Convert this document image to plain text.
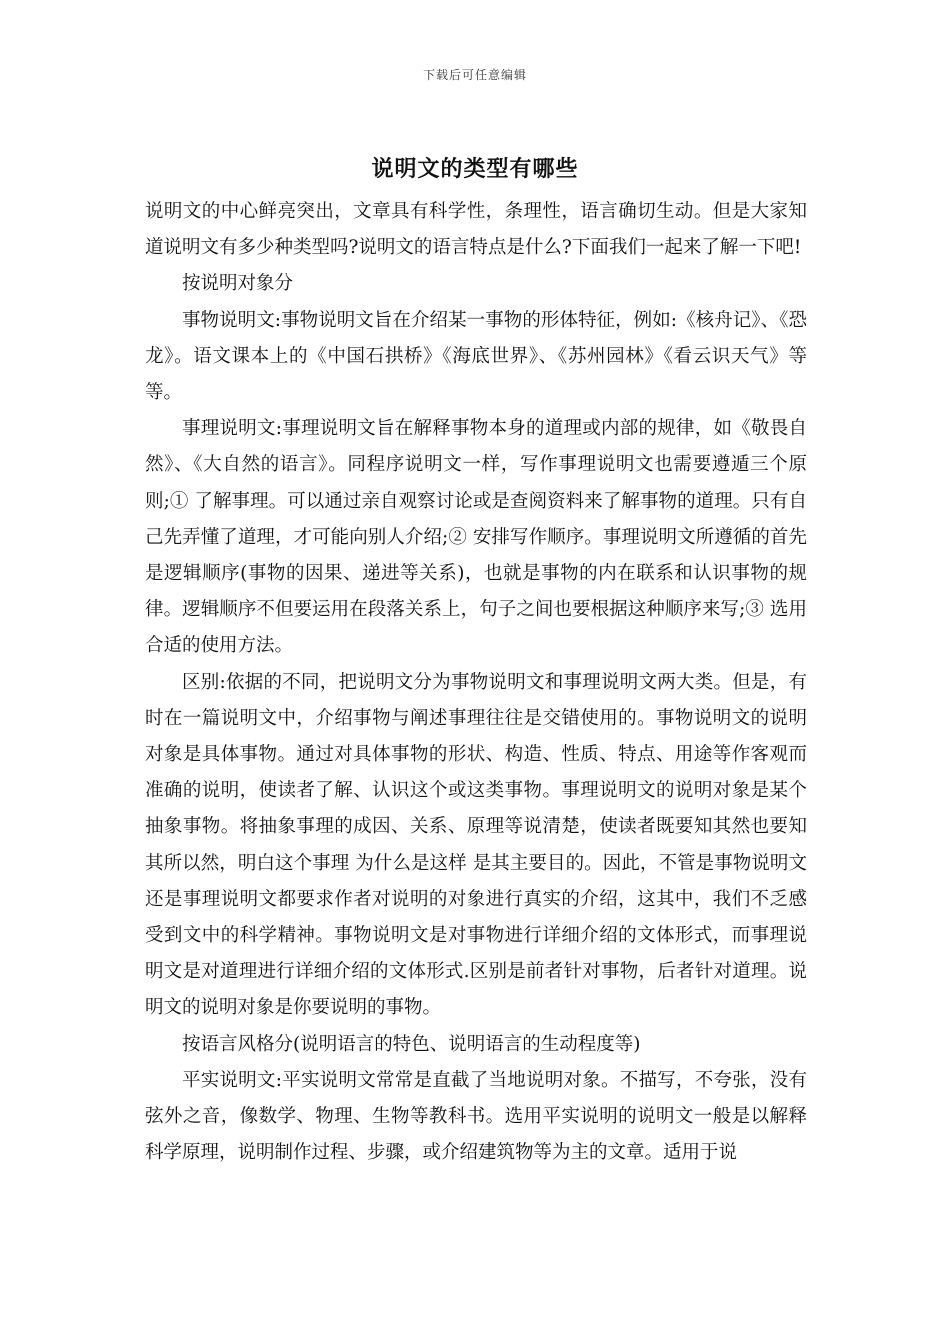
下载后可任意编辑
说明文的类型有哪些

说明文的中心鲜亮突出，文章具有科学性，条理性，语言确切生动。但是大家知道说明文有多少种类型吗?说明文的语言特点是什么?下面我们一起来了解一下吧!

按说明对象分

事物说明文:事物说明文旨在介绍某一事物的形体特征，例如:《核舟记》、《恐龙》。语文课本上的《中国石拱桥》《海底世界》、《苏州园林》《看云识天气》等等。

事理说明文:事理说明文旨在解释事物本身的道理或内部的规律，如《敬畏自然》、《大自然的语言》。同程序说明文一样，写作事理说明文也需要遵遁三个原则;① 了解事理。可以通过亲自观察讨论或是查阅资料来了解事物的道理。只有自己先弄懂了道理，才可能向别人介绍;② 安排写作顺序。事理说明文所遵循的首先是逻辑顺序(事物的因果、递进等关系)，也就是事物的内在联系和认识事物的规律。逻辑顺序不但要运用在段落关系上，句子之间也要根据这种顺序来写;③ 选用合适的使用方法。

区别:依据的不同，把说明文分为事物说明文和事理说明文两大类。但是，有时在一篇说明文中，介绍事物与阐述事理往往是交错使用的。事物说明文的说明对象是具体事物。通过对具体事物的形状、构造、性质、特点、用途等作客观而准确的说明，使读者了解、认识这个或这类事物。事理说明文的说明对象是某个抽象事物。将抽象事理的成因、关系、原理等说清楚，使读者既要知其然也要知其所以然，明白这个事理 为什么是这样 是其主要目的。因此，不管是事物说明文还是事理说明文都要求作者对说明的对象进行真实的介绍，这其中，我们不乏感受到文中的科学精神。事物说明文是对事物进行详细介绍的文体形式，而事理说明文是对道理进行详细介绍的文体形式.区别是前者针对事物，后者针对道理。说明文的说明对象是你要说明的事物。

按语言风格分(说明语言的特色、说明语言的生动程度等)

平实说明文:平实说明文常常是直截了当地说明对象。不描写，不夸张，没有弦外之音，像数学、物理、生物等教科书。选用平实说明的说明文一般是以解释科学原理，说明制作过程、步骤，或介绍建筑物等为主的文章。适用于说
